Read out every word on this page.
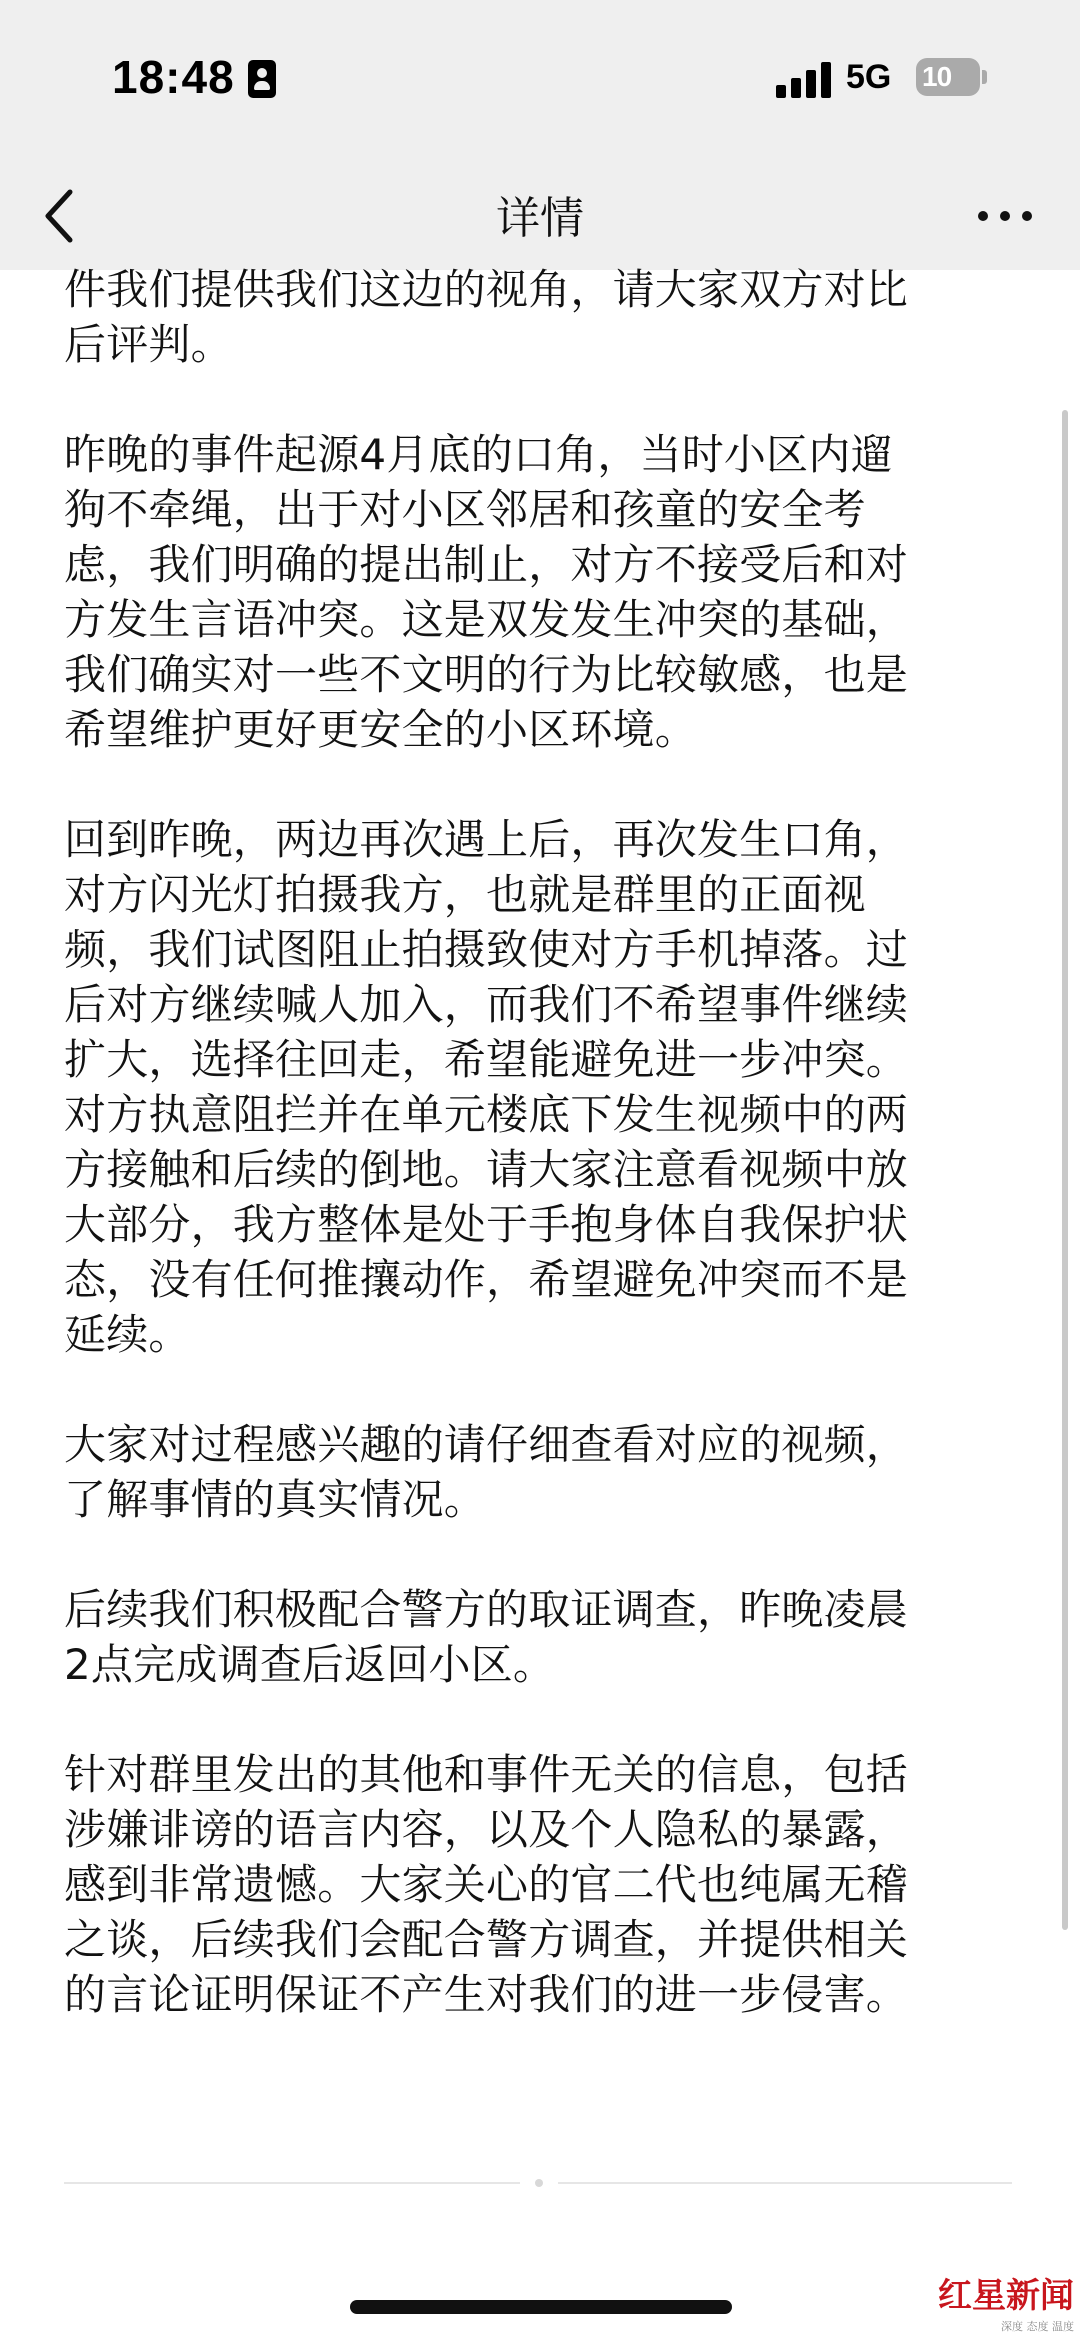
18:48	5G 10
详情

件我们提供我们这边的视角，请大家双方对比
后评判。

昨晚的事件起源4月底的口角，当时小区内遛
狗不牵绳，出于对小区邻居和孩童的安全考
虑，我们明确的提出制止，对方不接受后和对
方发生言语冲突。这是双发发生冲突的基础，
我们确实对一些不文明的行为比较敏感，也是
希望维护更好更安全的小区环境。

回到昨晚，两边再次遇上后，再次发生口角，
对方闪光灯拍摄我方，也就是群里的正面视
频，我们试图阻止拍摄致使对方手机掉落。过
后对方继续喊人加入，而我们不希望事件继续
扩大，选择往回走，希望能避免进一步冲突。
对方执意阻拦并在单元楼底下发生视频中的两
方接触和后续的倒地。请大家注意看视频中放
大部分，我方整体是处于手抱身体自我保护状
态，没有任何推攘动作，希望避免冲突而不是
延续。

大家对过程感兴趣的请仔细查看对应的视频，
了解事情的真实情况。

后续我们积极配合警方的取证调查，昨晚凌晨
2点完成调查后返回小区。

针对群里发出的其他和事件无关的信息，包括
涉嫌诽谤的语言内容，以及个人隐私的暴露，
感到非常遗憾。大家关心的官二代也纯属无稽
之谈，后续我们会配合警方调查，并提供相关
的言论证明保证不产生对我们的进一步侵害。

红星新闻
深度 态度 温度
